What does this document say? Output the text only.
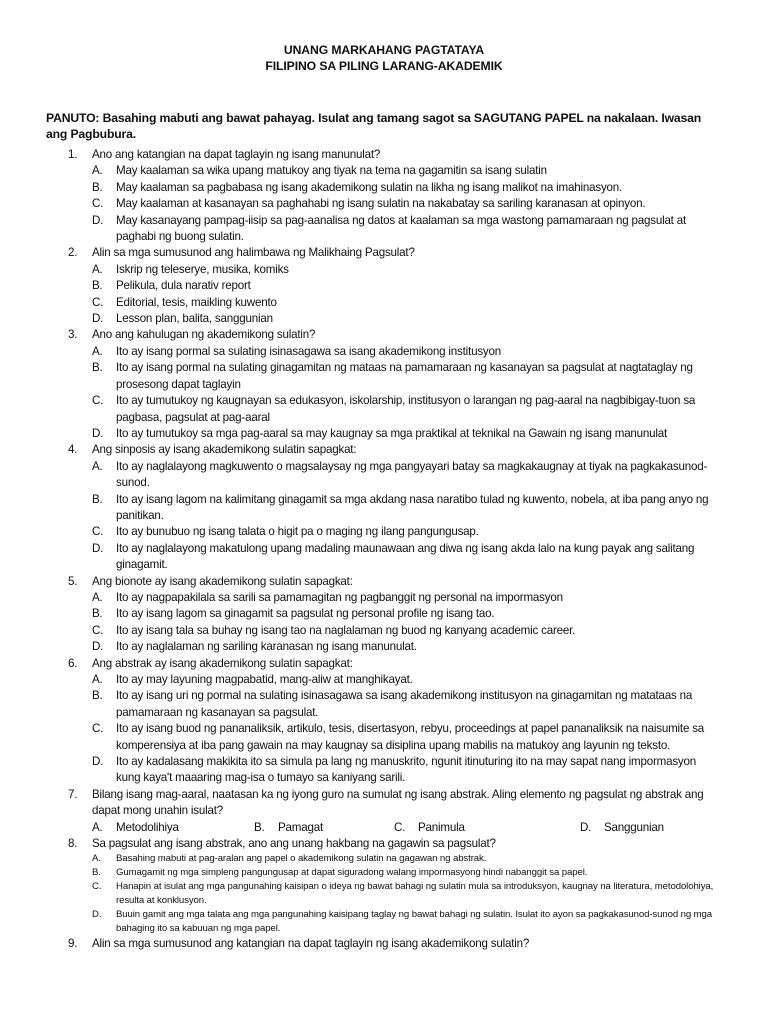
UNANG MARKAHANG PAGTATAYA
FILIPINO SA PILING LARANG-AKADEMIK
PANUTO: Basahing mabuti ang bawat pahayag. Isulat ang tamang sagot sa SAGUTANG PAPEL na nakalaan. Iwasan ang Pagbubura.
1. Ano ang katangian na dapat taglayin ng isang manunulat?
A. May kaalaman sa wika upang matukoy ang tiyak na tema na gagamitin sa isang sulatin
B. May kaalaman sa pagbabasa ng isang akademikong sulatin na likha ng isang malikot na imahinasyon.
C. May kaalaman at kasanayan sa paghahabi ng isang sulatin na nakabatay sa sariling karanasan at opinyon.
D. May kasanayang pampag-iisip sa pag-aanalisa ng datos at kaalaman sa mga wastong pamamaraan ng pagsulat at paghabi ng buong sulatin.
2. Alin sa mga sumusunod ang halimbawa ng Malikhaing Pagsulat?
A. Iskrip ng teleserye, musika, komiks
B. Pelikula, dula narativ report
C. Editorial, tesis, maikling kuwento
D. Lesson plan, balita, sanggunian
3. Ano ang kahulugan ng akademikong sulatin?
A. Ito ay isang pormal sa sulating isinasagawa sa isang akademikong institusyon
B. Ito ay isang pormal na sulating ginagamitan ng mataas na pamamaraan ng kasanayan sa pagsulat at nagtataglay ng prosesong dapat taglayin
C. Ito ay tumutukoy ng kaugnayan sa edukasyon, iskolarship, institusyon o larangan ng pag-aaral na nagbibigay-tuon sa pagbasa, pagsulat at pag-aaral
D. Ito ay tumutukoy sa mga pag-aaral sa may kaugnay sa mga praktikal at teknikal na Gawain ng isang manunulat
4. Ang sinposis ay isang akademikong sulatin sapagkat:
A. Ito ay naglalayong magkuwento o magsalaysay ng mga pangyayari batay sa magkakaugnay at tiyak na pagkakasunod-sunod.
B. Ito ay isang lagom na kalimitang ginagamit sa mga akdang nasa naratibo tulad ng kuwento, nobela, at iba pang anyo ng panitikan.
C. Ito ay bunubuo ng isang talata o higit pa o maging ng ilang pangungusap.
D. Ito ay naglalayong makatulong upang madaling maunawaan ang diwa ng isang akda lalo na kung payak ang salitang ginagamit.
5. Ang bionote ay isang akademikong sulatin sapagkat:
A. Ito ay nagpapakilala sa sarili sa pamamagitan ng pagbanggit ng personal na impormasyon
B. Ito ay isang lagom sa ginagamit sa pagsulat ng personal profile ng isang tao.
C. Ito ay isang tala sa buhay ng isang tao na naglalaman ng buod ng kanyang academic career.
D. Ito ay naglalaman ng sariling karanasan ng isang manunulat.
6. Ang abstrak ay isang akademikong sulatin sapagkat:
A. Ito ay may layuning magpabatid, mang-aliw at manghikayat.
B. Ito ay isang uri ng pormal na sulating isinasagawa sa isang akademikong institusyon na ginagamitan ng matataas na pamamaraan ng kasanayan sa pagsulat.
C. Ito ay isang buod ng pananaliksik, artikulo, tesis, disertasyon, rebyu, proceedings at papel pananaliksik na naisumite sa komperensiya at iba pang gawain na may kaugnay sa disiplina upang mabilis na matukoy ang layunin ng teksto.
D. Ito ay kadalasang makikita ito sa simula pa lang ng manuskrito, ngunit itinuturing ito na may sapat nang impormasyon kung kaya't maaaring mag-isa o tumayo sa kaniyang sarili.
7. Bilang isang mag-aaral, naatasan ka ng iyong guro na sumulat ng isang abstrak. Aling elemento ng pagsulat ng abstrak ang dapat mong unahin isulat?
A. Metodolihiya	B. Pamagat	C. Panimula	D. Sanggunian
8. Sa pagsulat ang isang abstrak, ano ang unang hakbang na gagawin sa pagsulat?
A. Basahing mabuti at pag-aralan ang papel o akademikong sulatin na gagawan ng abstrak.
B. Gumagamit ng mga simpleng pangungusap at dapat siguradong walang impormasyong hindi nabanggit sa papel.
C. Hanapin at isulat ang mga pangunahing kaisipan o ideya ng bawat bahagi ng sulatin mula sa introduksyon, kaugnay na literatura, metodolohiya, resulta at konklusyon.
D. Buuin gamit ang mga talata ang mga pangunahing kaisipang taglay ng bawat bahagi ng sulatin. Isulat ito ayon sa pagkakasunod-sunod ng mga bahaging ito sa kabuuan ng mga papel.
9. Alin sa mga sumusunod ang katangian na dapat taglayin ng isang akademikong sulatin?
